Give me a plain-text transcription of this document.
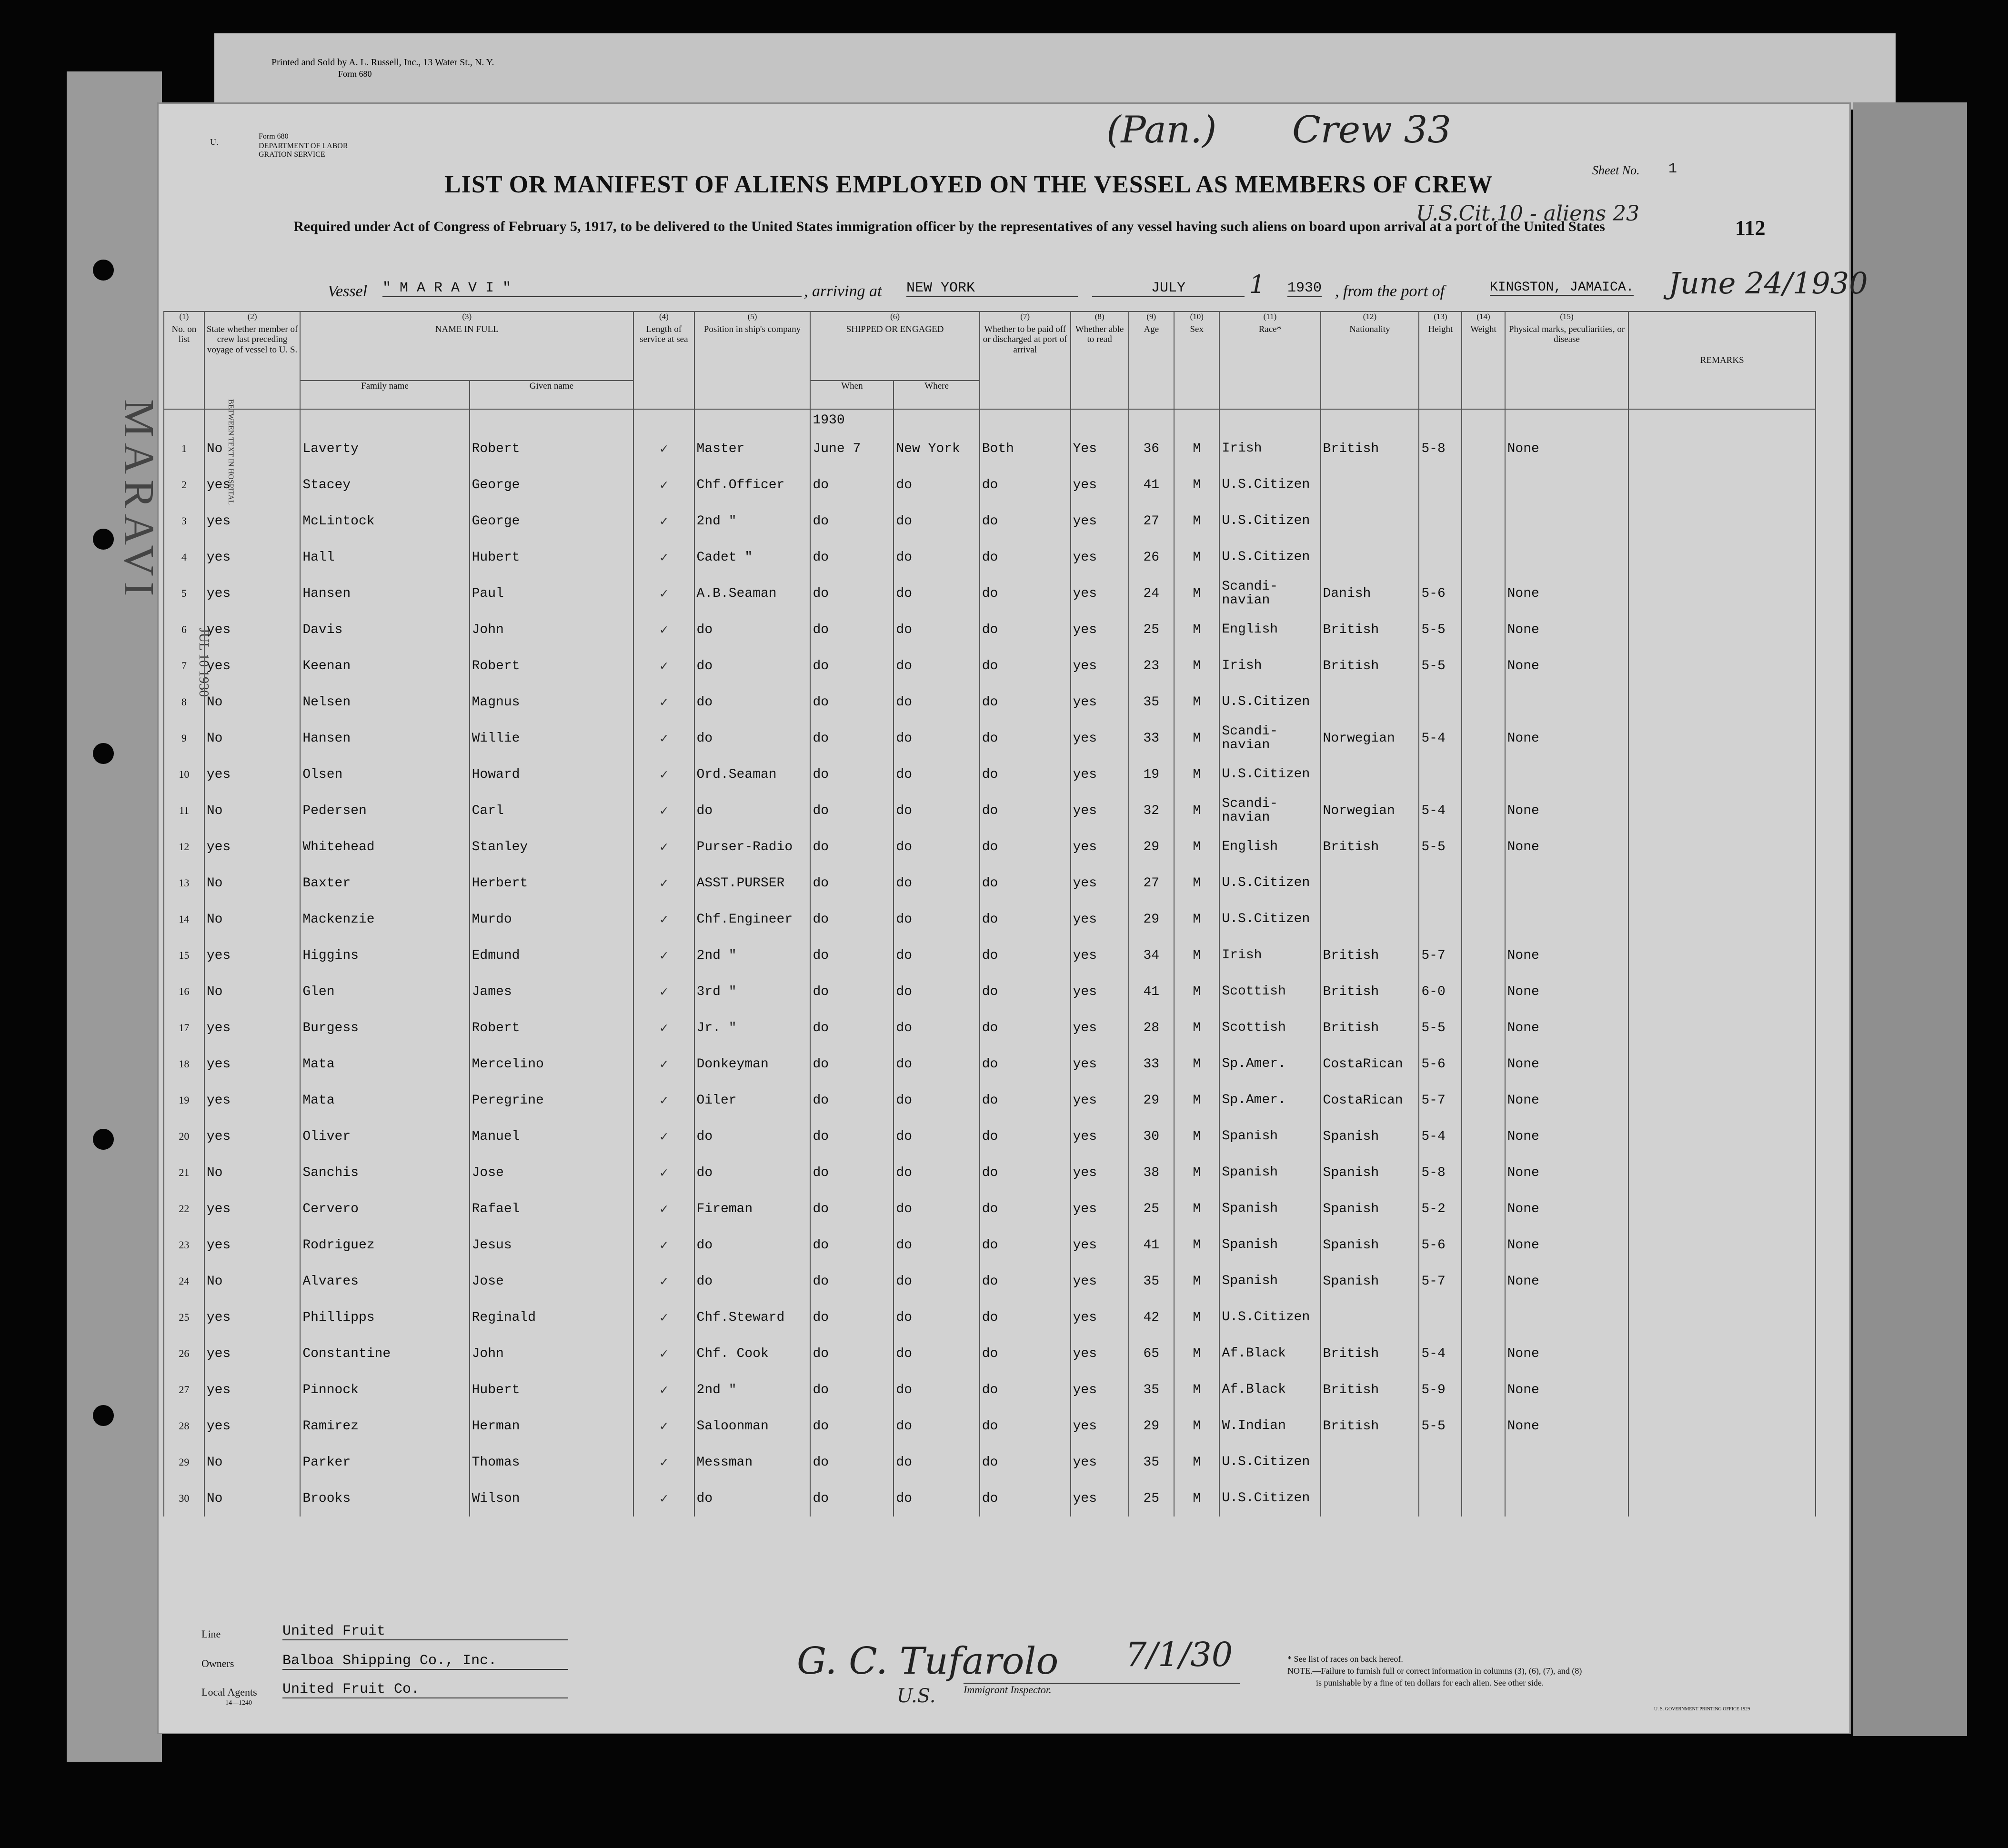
Printed and Sold by A. L. Russell, Inc., 13 Water St., N. Y.
Form 680
MARAVI
JUL 10 1930
BETWEEN TEXT IN HOSPITAL
U.
Form 680
DEPARTMENT OF LABOR
GRATION SERVICE
(Pan.) Crew 33
U.S.Cit.10 - aliens 23
112
Sheet No. 1
LIST OR MANIFEST OF ALIENS EMPLOYED ON THE VESSEL AS MEMBERS OF CREW
Required under Act of Congress of February 5, 1917, to be delivered to the United States immigration officer by the representatives of any vessel having such aliens on board upon arrival at a port of the United States
Vessel " M A R A V I "	, arriving at NEW YORK	JULY	1 1930 , from the port of	KINGSTON, JAMAICA. June 24/1930
(1)
No. on list	(2)
State whether member of crew last preceding voyage of vessel to U. S.	(3)
NAME IN FULL		(4)
Length of service at sea	(5)
Position in ship's company	(6)
SHIPPED OR ENGAGED		(7)
Whether to be paid off or discharged at port of arrival	(8)
Whether able to read	(9)
Age	(10)
Sex	(11)
Race*	(12)
Nationality	(13)
Height	(14)
Weight	(15)
Physical marks, peculiarities, or disease	REMARKS
		Family name	Given name			When	Where										
						1930											
1	No	Laverty	Robert	✓	Master	June 7	New York	Both	Yes	36	M	Irish	British	5-8		None	
2	yes	Stacey	George	✓	Chf.Officer	do	do	do	yes	41	M	U.S.Citizen					
3	yes	McLintock	George	✓	2nd "	do	do	do	yes	27	M	U.S.Citizen					
4	yes	Hall	Hubert	✓	Cadet "	do	do	do	yes	26	M	U.S.Citizen					
5	yes	Hansen	Paul	✓	A.B.Seaman	do	do	do	yes	24	M	Scandi-navian	Danish	5-6		None	
6	yes	Davis	John	✓	do	do	do	do	yes	25	M	English	British	5-5		None	
7	yes	Keenan	Robert	✓	do	do	do	do	yes	23	M	Irish	British	5-5		None	
8	No	Nelsen	Magnus	✓	do	do	do	do	yes	35	M	U.S.Citizen					
9	No	Hansen	Willie	✓	do	do	do	do	yes	33	M	Scandi-navian	Norwegian	5-4		None	
10	yes	Olsen	Howard	✓	Ord.Seaman	do	do	do	yes	19	M	U.S.Citizen					
11	No	Pedersen	Carl	✓	do	do	do	do	yes	32	M	Scandi-navian	Norwegian	5-4		None	
12	yes	Whitehead	Stanley	✓	Purser-Radio	do	do	do	yes	29	M	English	British	5-5		None	
13	No	Baxter	Herbert	✓	ASST.PURSER	do	do	do	yes	27	M	U.S.Citizen					
14	No	Mackenzie	Murdo	✓	Chf.Engineer	do	do	do	yes	29	M	U.S.Citizen					
15	yes	Higgins	Edmund	✓	2nd "	do	do	do	yes	34	M	Irish	British	5-7		None	
16	No	Glen	James	✓	3rd "	do	do	do	yes	41	M	Scottish	British	6-0		None	
17	yes	Burgess	Robert	✓	Jr. "	do	do	do	yes	28	M	Scottish	British	5-5		None	
18	yes	Mata	Mercelino	✓	Donkeyman	do	do	do	yes	33	M	Sp.Amer.	CostaRican	5-6		None	
19	yes	Mata	Peregrine	✓	Oiler	do	do	do	yes	29	M	Sp.Amer.	CostaRican	5-7		None	
20	yes	Oliver	Manuel	✓	do	do	do	do	yes	30	M	Spanish	Spanish	5-4		None	
21	No	Sanchis	Jose	✓	do	do	do	do	yes	38	M	Spanish	Spanish	5-8		None	
22	yes	Cervero	Rafael	✓	Fireman	do	do	do	yes	25	M	Spanish	Spanish	5-2		None	
23	yes	Rodriguez	Jesus	✓	do	do	do	do	yes	41	M	Spanish	Spanish	5-6		None	
24	No	Alvares	Jose	✓	do	do	do	do	yes	35	M	Spanish	Spanish	5-7		None	
25	yes	Phillipps	Reginald	✓	Chf.Steward	do	do	do	yes	42	M	U.S.Citizen					
26	yes	Constantine	John	✓	Chf. Cook	do	do	do	yes	65	M	Af.Black	British	5-4		None	
27	yes	Pinnock	Hubert	✓	2nd "	do	do	do	yes	35	M	Af.Black	British	5-9		None	
28	yes	Ramirez	Herman	✓	Saloonman	do	do	do	yes	29	M	W.Indian	British	5-5		None	
29	No	Parker	Thomas	✓	Messman	do	do	do	yes	35	M	U.S.Citizen					
30	No	Brooks	Wilson	✓	do	do	do	do	yes	25	M	U.S.Citizen					
Line	United Fruit
Owners	Balboa Shipping Co., Inc.
Local Agents United Fruit Co.
14—1240
G. C. Tufarolo 7/1/30
U.S.	Immigrant Inspector.
* See list of races on back hereof.
NOTE.—Failure to furnish full or correct information in columns (3), (6), (7), and (8)
is punishable by a fine of ten dollars for each alien. See other side.
U. S. GOVERNMENT PRINTING OFFICE 1929
